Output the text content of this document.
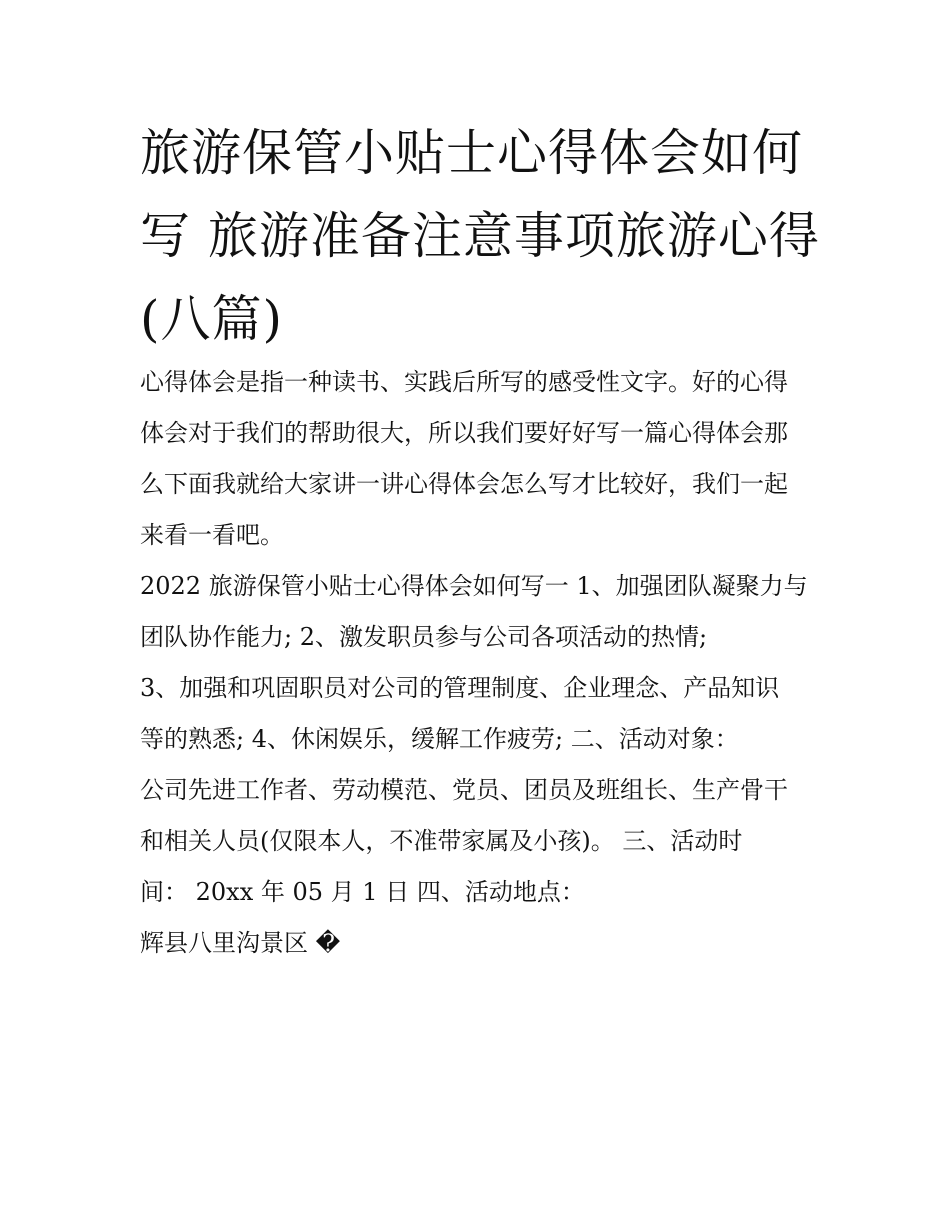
旅游保管小贴士心得体会如何
写 旅游准备注意事项旅游心得
(八篇)

心得体会是指一种读书、实践后所写的感受性文字。好的心得
体会对于我们的帮助很大，所以我们要好好写一篇心得体会那
么下面我就给大家讲一讲心得体会怎么写才比较好，我们一起
来看一看吧。

2022 旅游保管小贴士心得体会如何写一 1、加强团队凝聚力与
团队协作能力; 2、激发职员参与公司各项活动的热情;

3、加强和巩固职员对公司的管理制度、企业理念、产品知识
等的熟悉; 4、休闲娱乐，缓解工作疲劳; 二、活动对象：

公司先进工作者、劳动模范、党员、团员及班组长、生产骨干
和相关人员(仅限本人，不准带家属及小孩)。 三、活动时
间： 20xx 年 05 月 1 日 四、活动地点：

辉县八里沟景区 �
